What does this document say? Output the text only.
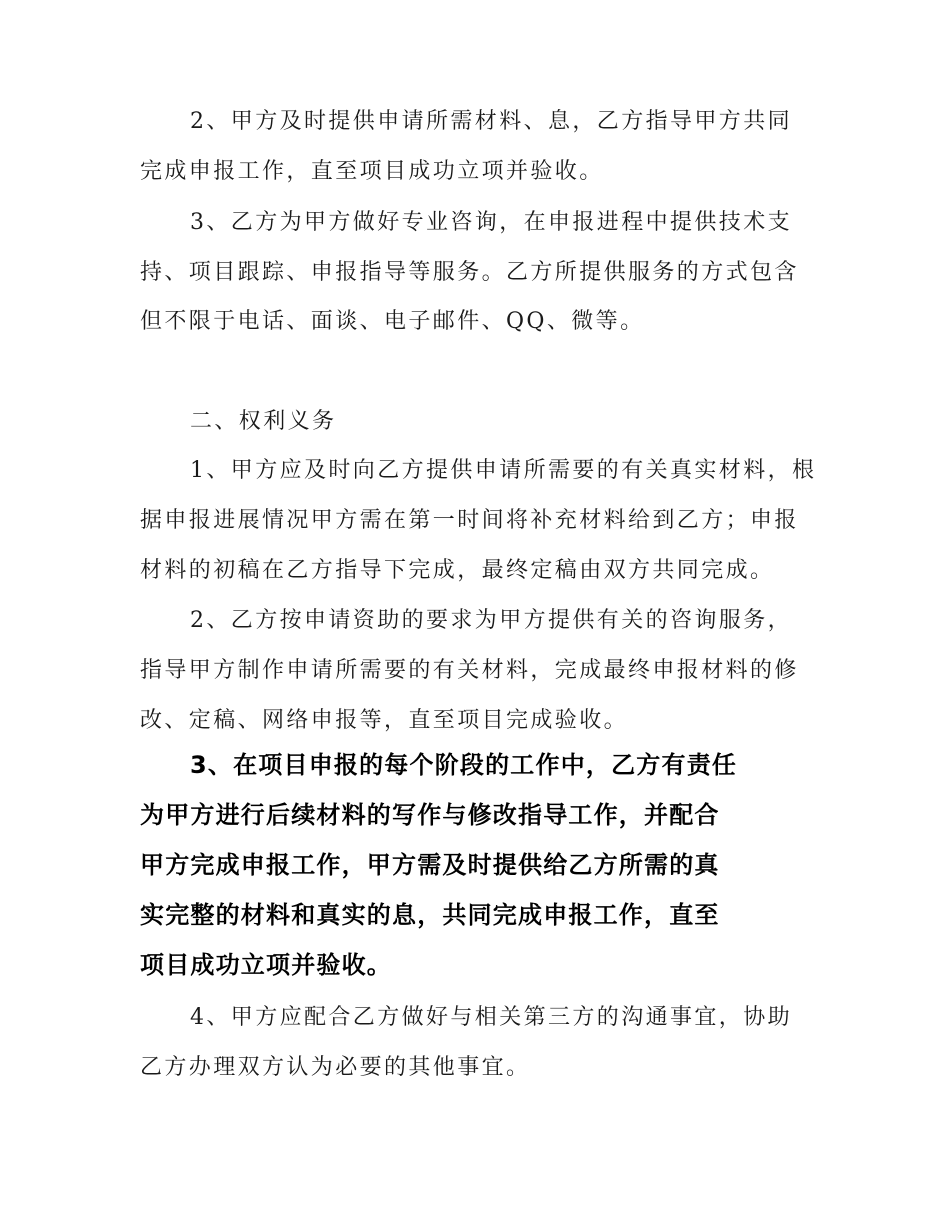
2、甲方及时提供申请所需材料、息，乙方指导甲方共同
完成申报工作，直至项目成功立项并验收。
3、乙方为甲方做好专业咨询，在申报进程中提供技术支
持、项目跟踪、申报指导等服务。乙方所提供服务的方式包含
但不限于电话、面谈、电子邮件、QQ、微等。
二、权利义务
1、甲方应及时向乙方提供申请所需要的有关真实材料，根
据申报进展情况甲方需在第一时间将补充材料给到乙方；申报
材料的初稿在乙方指导下完成，最终定稿由双方共同完成。
2、乙方按申请资助的要求为甲方提供有关的咨询服务，
指导甲方制作申请所需要的有关材料，完成最终申报材料的修
改、定稿、网络申报等，直至项目完成验收。
3、在项目申报的每个阶段的工作中，乙方有责任
为甲方进行后续材料的写作与修改指导工作，并配合
甲方完成申报工作，甲方需及时提供给乙方所需的真
实完整的材料和真实的息，共同完成申报工作，直至
项目成功立项并验收。
4、甲方应配合乙方做好与相关第三方的沟通事宜，协助
乙方办理双方认为必要的其他事宜。
